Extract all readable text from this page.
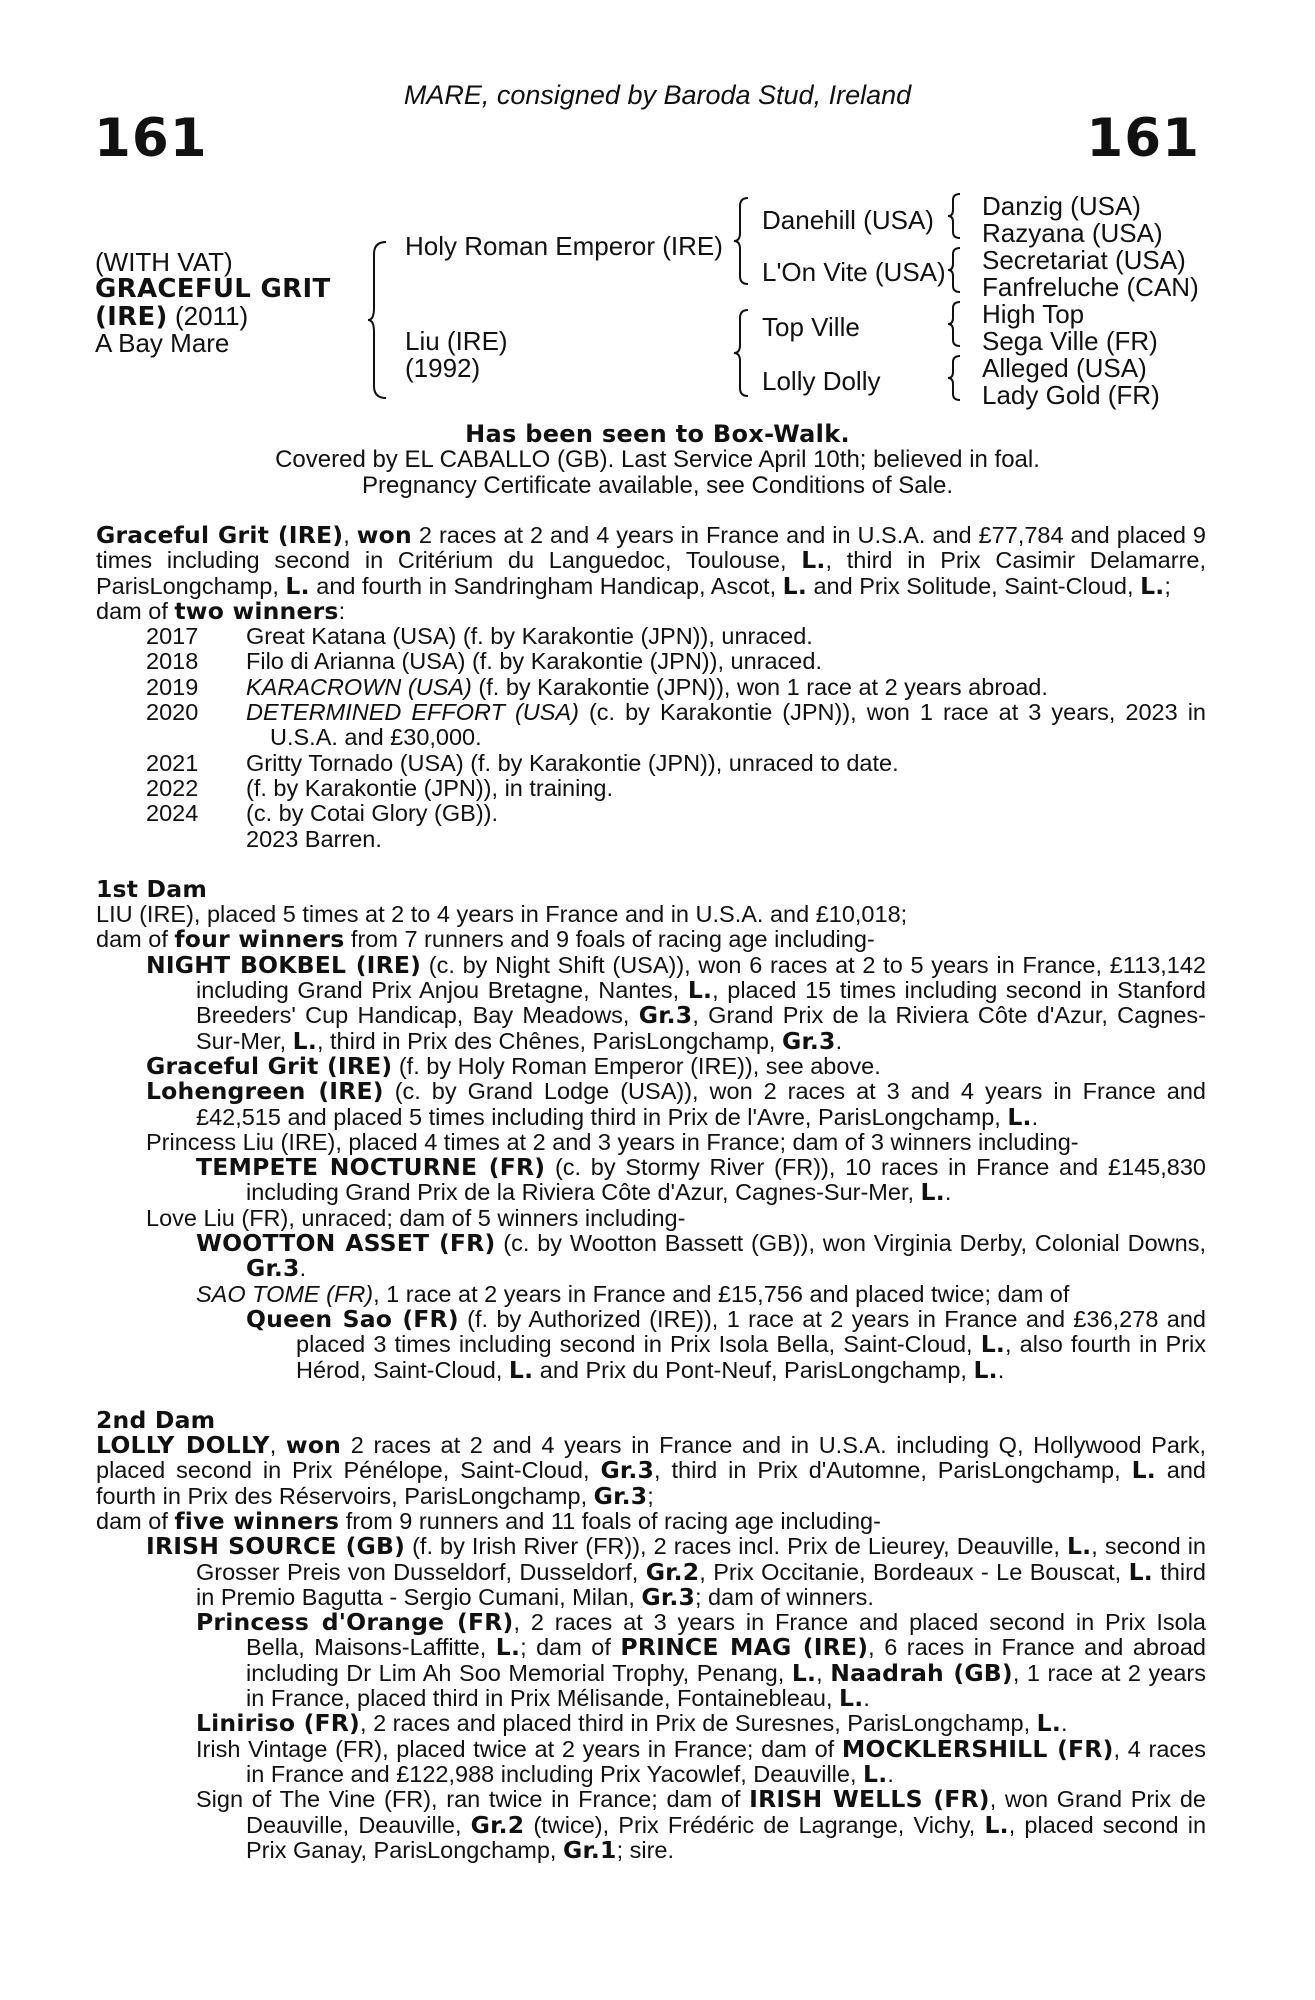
161	161
MARE, consigned by Baroda Stud, Ireland
(WITH VAT)
GRACEFUL GRIT
(IRE) (2011)
A Bay Mare
Holy Roman Emperor (IRE)
Liu (IRE)
(1992)
Danehill (USA)
L'On Vite (USA)
Top Ville
Lolly Dolly
Danzig (USA)
Razyana (USA)
Secretariat (USA)
Fanfreluche (CAN)
High Top
Sega Ville (FR)
Alleged (USA)
Lady Gold (FR)
Has been seen to Box-Walk.
Covered by EL CABALLO (GB). Last Service April 10th; believed in foal.
Pregnancy Certificate available, see Conditions of Sale.

Graceful Grit (IRE), won 2 races at 2 and 4 years in France and in U.S.A. and £77,784 and placed 9 times including second in Critérium du Languedoc, Toulouse, L., third in Prix Casimir Delamarre, ParisLongchamp, L. and fourth in Sandringham Handicap, Ascot, L. and Prix Solitude, Saint-Cloud, L.;

dam of two winners:

2017	Great Katana (USA) (f. by Karakontie (JPN)), unraced.
2018	Filo di Arianna (USA) (f. by Karakontie (JPN)), unraced.
2019	KARACROWN (USA) (f. by Karakontie (JPN)), won 1 race at 2 years abroad.
2020	DETERMINED EFFORT (USA) (c. by Karakontie (JPN)), won 1 race at 3 years, 2023 in U.S.A. and £30,000.
2021	Gritty Tornado (USA) (f. by Karakontie (JPN)), unraced to date.
2022	(f. by Karakontie (JPN)), in training.
2024	(c. by Cotai Glory (GB)).
2023 Barren.

1st Dam

LIU (IRE), placed 5 times at 2 to 4 years in France and in U.S.A. and £10,018;

dam of four winners from 7 runners and 9 foals of racing age including-

NIGHT BOKBEL (IRE) (c. by Night Shift (USA)), won 6 races at 2 to 5 years in France, £113,142 including Grand Prix Anjou Bretagne, Nantes, L., placed 15 times including second in Stanford Breeders' Cup Handicap, Bay Meadows, Gr.3, Grand Prix de la Riviera Côte d'Azur, Cagnes-Sur-Mer, L., third in Prix des Chênes, ParisLongchamp, Gr.3.

Graceful Grit (IRE) (f. by Holy Roman Emperor (IRE)), see above.

Lohengreen (IRE) (c. by Grand Lodge (USA)), won 2 races at 3 and 4 years in France and £42,515 and placed 5 times including third in Prix de l'Avre, ParisLongchamp, L..

Princess Liu (IRE), placed 4 times at 2 and 3 years in France; dam of 3 winners including-

TEMPETE NOCTURNE (FR) (c. by Stormy River (FR)), 10 races in France and £145,830 including Grand Prix de la Riviera Côte d'Azur, Cagnes-Sur-Mer, L..

Love Liu (FR), unraced; dam of 5 winners including-

WOOTTON ASSET (FR) (c. by Wootton Bassett (GB)), won Virginia Derby, Colonial Downs, Gr.3.

SAO TOME (FR), 1 race at 2 years in France and £15,756 and placed twice; dam of

Queen Sao (FR) (f. by Authorized (IRE)), 1 race at 2 years in France and £36,278 and placed 3 times including second in Prix Isola Bella, Saint-Cloud, L., also fourth in Prix Hérod, Saint-Cloud, L. and Prix du Pont-Neuf, ParisLongchamp, L..

2nd Dam

LOLLY DOLLY, won 2 races at 2 and 4 years in France and in U.S.A. including Q, Hollywood Park, placed second in Prix Pénélope, Saint-Cloud, Gr.3, third in Prix d'Automne, ParisLongchamp, L. and fourth in Prix des Réservoirs, ParisLongchamp, Gr.3;

dam of five winners from 9 runners and 11 foals of racing age including-

IRISH SOURCE (GB) (f. by Irish River (FR)), 2 races incl. Prix de Lieurey, Deauville, L., second in Grosser Preis von Dusseldorf, Dusseldorf, Gr.2, Prix Occitanie, Bordeaux - Le Bouscat, L. third in Premio Bagutta - Sergio Cumani, Milan, Gr.3; dam of winners.

Princess d'Orange (FR), 2 races at 3 years in France and placed second in Prix Isola Bella, Maisons-Laffitte, L.; dam of PRINCE MAG (IRE), 6 races in France and abroad including Dr Lim Ah Soo Memorial Trophy, Penang, L., Naadrah (GB), 1 race at 2 years in France, placed third in Prix Mélisande, Fontainebleau, L..

Liniriso (FR), 2 races and placed third in Prix de Suresnes, ParisLongchamp, L..

Irish Vintage (FR), placed twice at 2 years in France; dam of MOCKLERSHILL (FR), 4 races in France and £122,988 including Prix Yacowlef, Deauville, L..

Sign of The Vine (FR), ran twice in France; dam of IRISH WELLS (FR), won Grand Prix de Deauville, Deauville, Gr.2 (twice), Prix Frédéric de Lagrange, Vichy, L., placed second in Prix Ganay, ParisLongchamp, Gr.1; sire.
